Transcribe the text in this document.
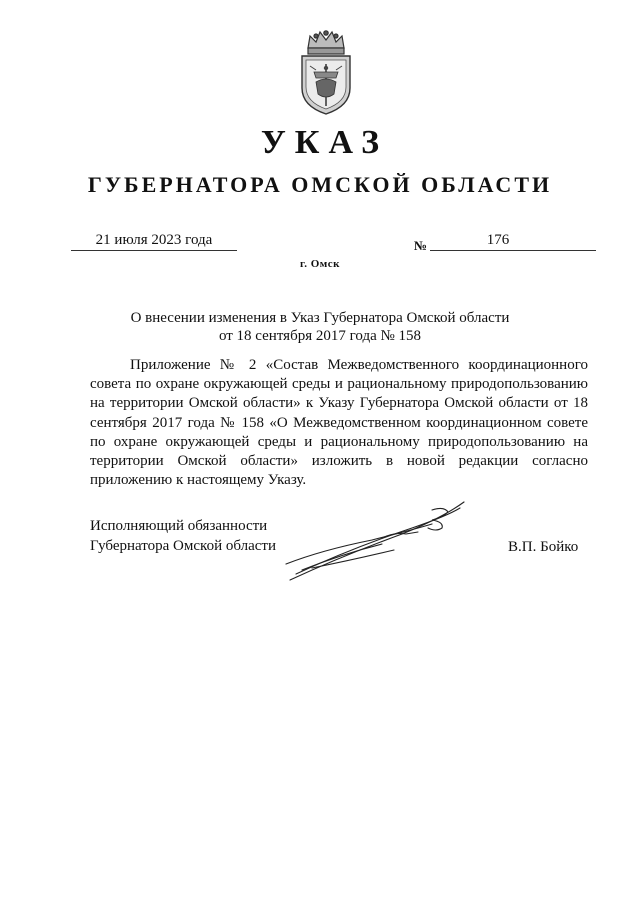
УКАЗ
ГУБЕРНАТОРА ОМСКОЙ ОБЛАСТИ
21 июля 2023 года	№	176
г. Омск
О внесении изменения в Указ Губернатора Омской области
от 18 сентября 2017 года № 158

Приложение № 2 «Состав Межведомственного координационного совета по охране окружающей среды и рациональному природопользованию на территории Омской области» к Указу Губернатора Омской области от 18 сентября 2017 года № 158 «О Межведомственном координационном совете по охране окружающей среды и рациональному природопользованию на территории Омской области» изложить в новой редакции согласно приложению к настоящему Указу.

Исполняющий обязанности
Губернатора Омской области	В.П. Бойко
